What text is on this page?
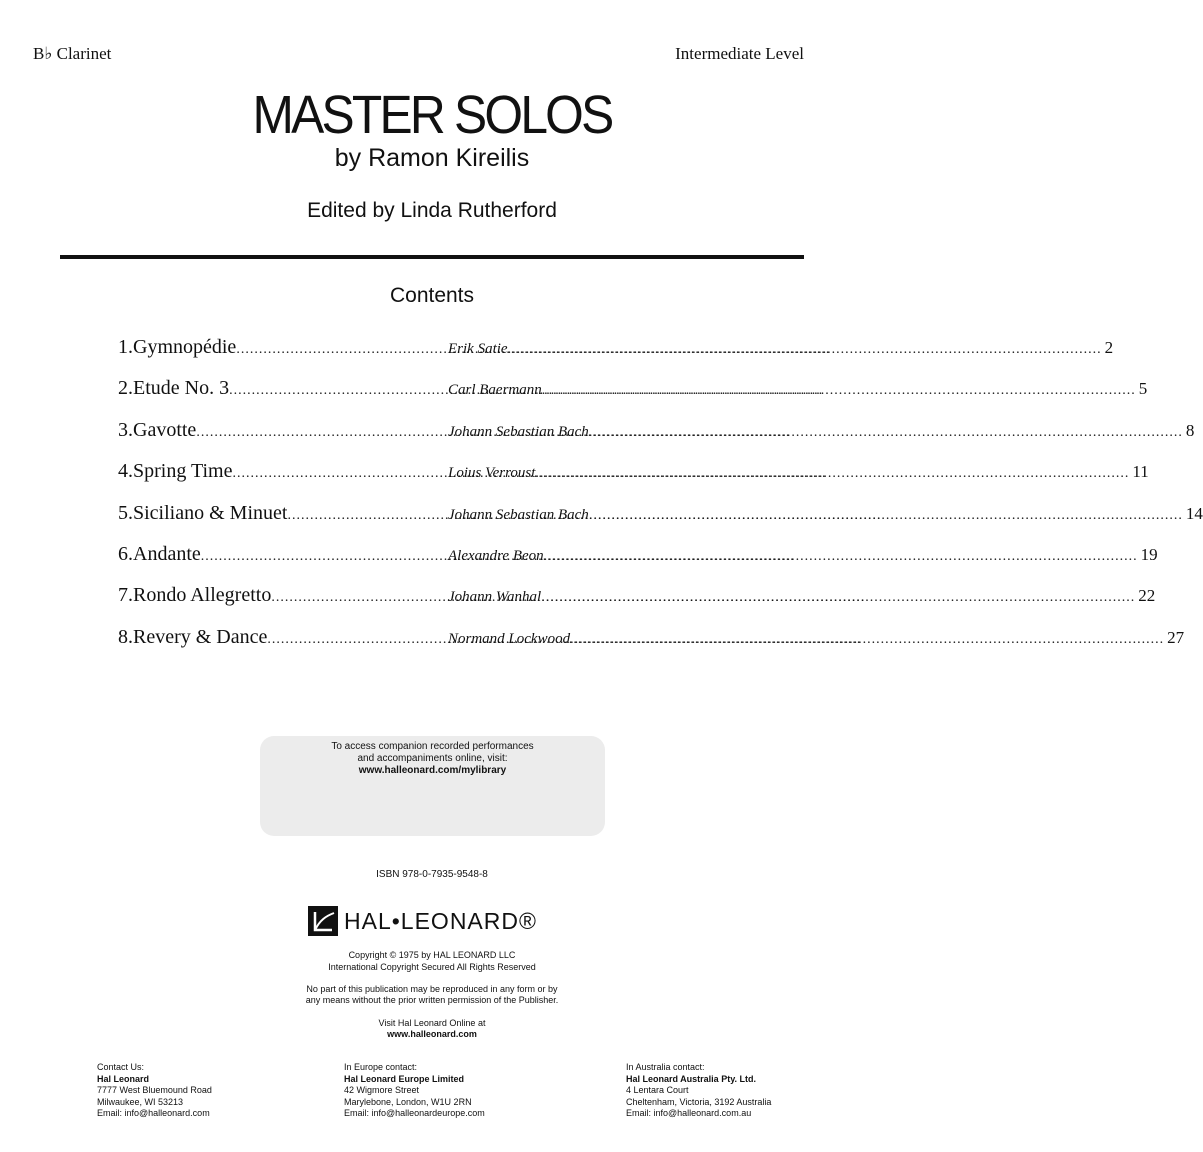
B♭ Clarinet	Intermediate Level
MASTER SOLOS
by Ramon Kireilis
Edited by Linda Rutherford
Contents
1. Gymnopédie .....	Erik Satie .....	2
2. Etude No. 3 .....	Carl Baermann .....	5
3. Gavotte .....	Johann Sebastian Bach .....	8
4. Spring Time .....	Loius Verroust .....	11
5. Siciliano & Minuet .....	Johann Sebastian Bach .....	14
6. Andante .....	Alexandre Beon .....	19
7. Rondo Allegretto .....	Johann Wanhal .....	22
8. Revery & Dance .....	Normand Lockwood .....	27
To access companion recorded performances
and accompaniments online, visit:
www.halleonard.com/mylibrary
ISBN 978-0-7935-9548-8
HAL•LEONARD®
Copyright © 1975 by HAL LEONARD LLC
International Copyright Secured All Rights Reserved
No part of this publication may be reproduced in any form or by
any means without the prior written permission of the Publisher.
Visit Hal Leonard Online at
www.halleonard.com
Contact Us:
Hal Leonard
7777 West Bluemound Road
Milwaukee, WI 53213
Email: info@halleonard.com
In Europe contact:
Hal Leonard Europe Limited
42 Wigmore Street
Marylebone, London, W1U 2RN
Email: info@halleonardeurope.com
In Australia contact:
Hal Leonard Australia Pty. Ltd.
4 Lentara Court
Cheltenham, Victoria, 3192 Australia
Email: info@halleonard.com.au
